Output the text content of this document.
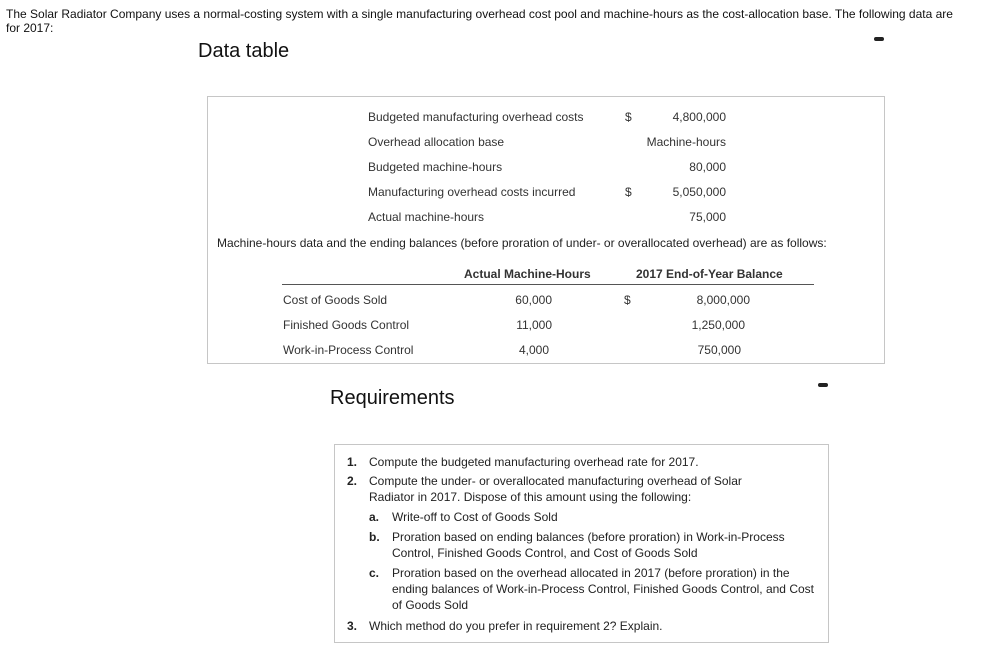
The Solar Radiator Company uses a normal-costing system with a single manufacturing overhead cost pool and machine-hours as the cost-allocation base. The following data are for 2017:
Data table
Budgeted manufacturing overhead costs	$	4,800,000
Overhead allocation base	Machine-hours
Budgeted machine-hours	80,000
Manufacturing overhead costs incurred	$	5,050,000
Actual machine-hours	75,000
Machine-hours data and the ending balances (before proration of under- or overallocated overhead) are as follows:
Actual Machine-Hours	2017 End-of-Year Balance
Cost of Goods Sold	60,000	$	8,000,000
Finished Goods Control	11,000	1,250,000
Work-in-Process Control	4,000	750,000
Requirements
1. Compute the budgeted manufacturing overhead rate for 2017.
2. Compute the under- or overallocated manufacturing overhead of Solar Radiator in 2017. Dispose of this amount using the following:
a. Write-off to Cost of Goods Sold
b. Proration based on ending balances (before proration) in Work-in-Process Control, Finished Goods Control, and Cost of Goods Sold
c. Proration based on the overhead allocated in 2017 (before proration) in the ending balances of Work-in-Process Control, Finished Goods Control, and Cost of Goods Sold
3. Which method do you prefer in requirement 2? Explain.
